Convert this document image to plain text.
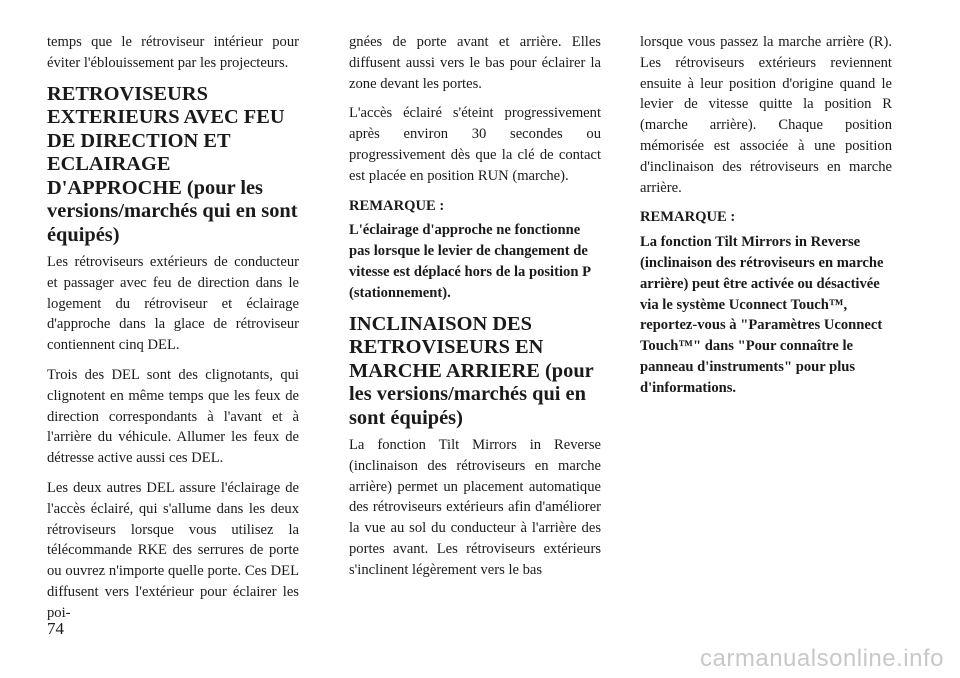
temps que le rétroviseur intérieur pour éviter l'éblouissement par les projecteurs.

RETROVISEURS EXTERIEURS AVEC FEU DE DIRECTION ET ECLAIRAGE D'APPROCHE (pour les versions/marchés qui en sont équipés)

Les rétroviseurs extérieurs de conducteur et passager avec feu de direction dans le logement du rétroviseur et éclairage d'approche dans la glace de rétroviseur contiennent cinq DEL.

Trois des DEL sont des clignotants, qui clignotent en même temps que les feux de direction correspondants à l'avant et à l'arrière du véhicule. Allumer les feux de détresse active aussi ces DEL.

Les deux autres DEL assure l'éclairage de l'accès éclairé, qui s'allume dans les deux rétroviseurs lorsque vous utilisez la télécommande RKE des serrures de porte ou ouvrez n'importe quelle porte. Ces DEL diffusent vers l'extérieur pour éclairer les poi-

gnées de porte avant et arrière. Elles diffusent aussi vers le bas pour éclairer la zone devant les portes.

L'accès éclairé s'éteint progressivement après environ 30 secondes ou progressivement dès que la clé de contact est placée en position RUN (marche).

REMARQUE :

L'éclairage d'approche ne fonctionne pas lorsque le levier de changement de vitesse est déplacé hors de la position P (stationnement).

INCLINAISON DES RETROVISEURS EN MARCHE ARRIERE (pour les versions/marchés qui en sont équipés)

La fonction Tilt Mirrors in Reverse (inclinaison des rétroviseurs en marche arrière) permet un placement automatique des rétroviseurs extérieurs afin d'améliorer la vue au sol du conducteur à l'arrière des portes avant. Les rétroviseurs extérieurs s'inclinent légèrement vers le bas

lorsque vous passez la marche arrière (R). Les rétroviseurs extérieurs reviennent ensuite à leur position d'origine quand le levier de vitesse quitte la position R (marche arrière). Chaque position mémorisée est associée à une position d'inclinaison des rétroviseurs en marche arrière.

REMARQUE :

La fonction Tilt Mirrors in Reverse (inclinaison des rétroviseurs en marche arrière) peut être activée ou désactivée via le système Uconnect Touch™, reportez-vous à "Paramètres Uconnect Touch™" dans "Pour connaître le panneau d'instruments" pour plus d'informations.

74
carmanualsonline.info
